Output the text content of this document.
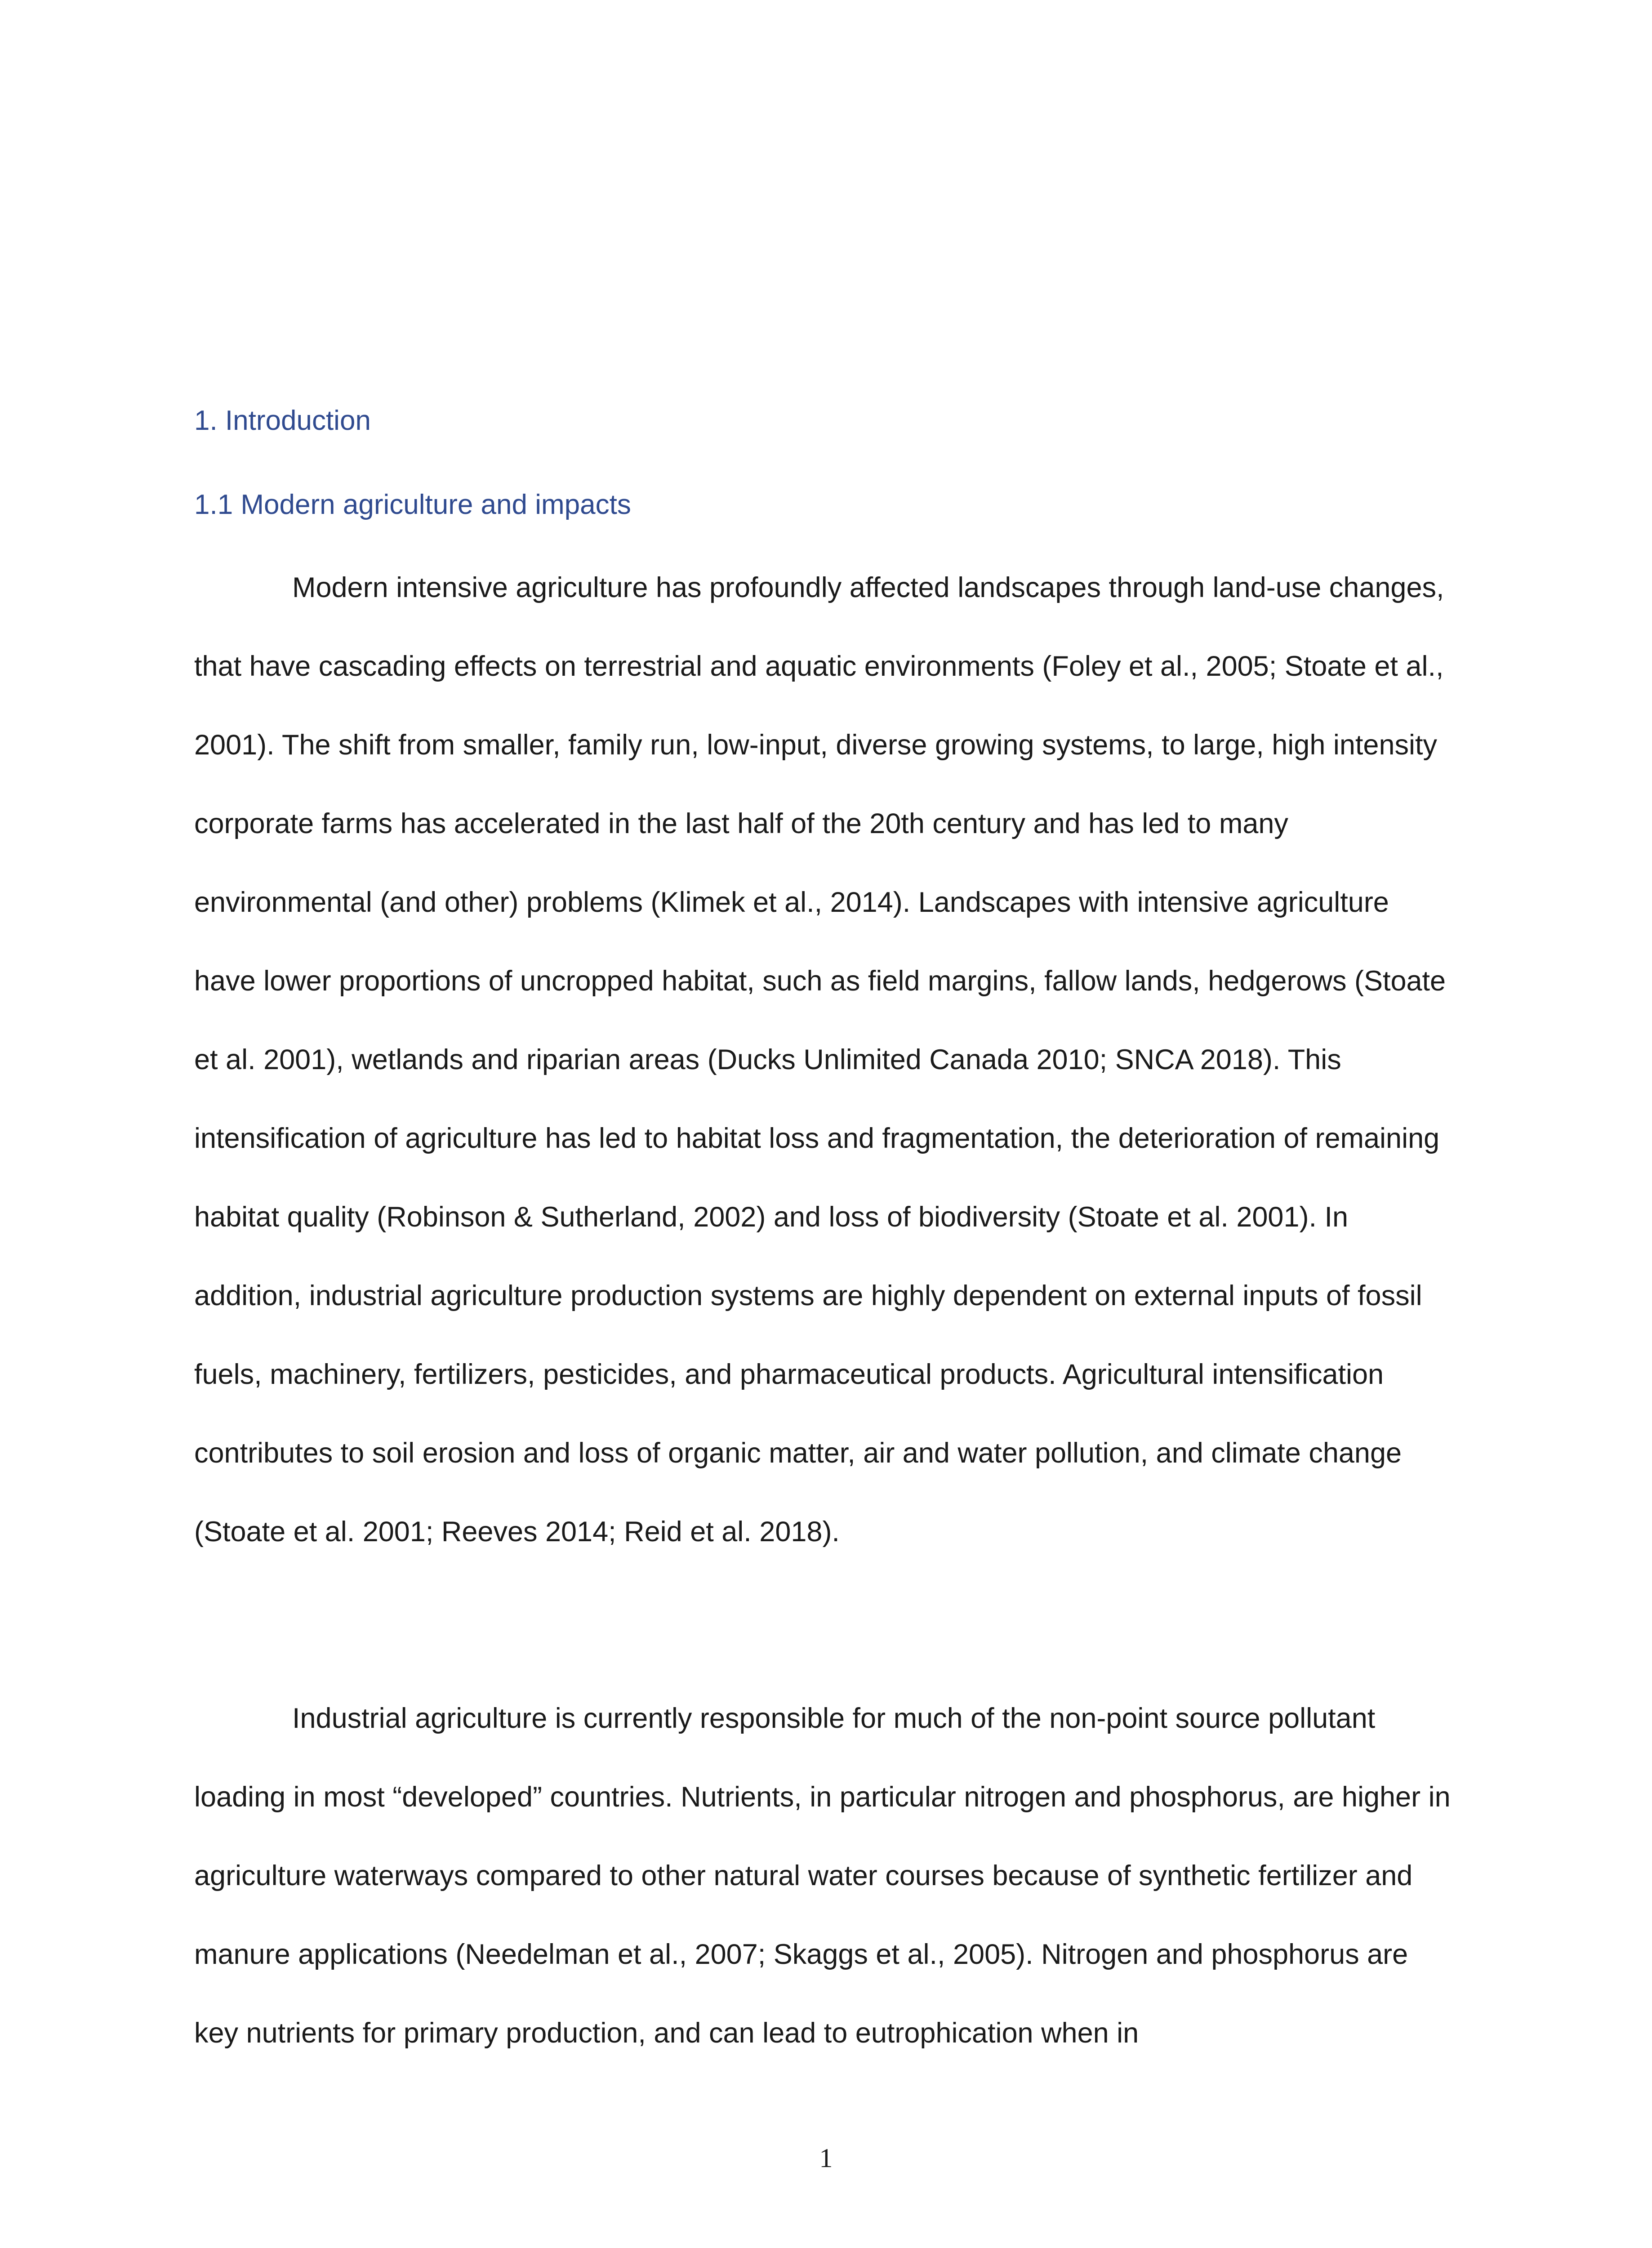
1. Introduction
1.1 Modern agriculture and impacts

Modern intensive agriculture has profoundly affected landscapes through land-use changes, that have cascading effects on terrestrial and aquatic environments (Foley et al., 2005; Stoate et al., 2001). The shift from smaller, family run, low-input, diverse growing systems, to large, high intensity corporate farms has accelerated in the last half of the 20th century and has led to many environmental (and other) problems (Klimek et al., 2014). Landscapes with intensive agriculture have lower proportions of uncropped habitat, such as field margins, fallow lands, hedgerows (Stoate et al. 2001), wetlands and riparian areas (Ducks Unlimited Canada 2010; SNCA 2018). This intensification of agriculture has led to habitat loss and fragmentation, the deterioration of remaining habitat quality (Robinson & Sutherland, 2002) and loss of biodiversity (Stoate et al. 2001). In addition, industrial agriculture production systems are highly dependent on external inputs of fossil fuels, machinery, fertilizers, pesticides, and pharmaceutical products. Agricultural intensification contributes to soil erosion and loss of organic matter, air and water pollution, and climate change (Stoate et al. 2001; Reeves 2014; Reid et al. 2018).

Industrial agriculture is currently responsible for much of the non-point source pollutant loading in most “developed” countries. Nutrients, in particular nitrogen and phosphorus, are higher in agriculture waterways compared to other natural water courses because of synthetic fertilizer and manure applications (Needelman et al., 2007; Skaggs et al., 2005). Nitrogen and phosphorus are key nutrients for primary production, and can lead to eutrophication when in

1
